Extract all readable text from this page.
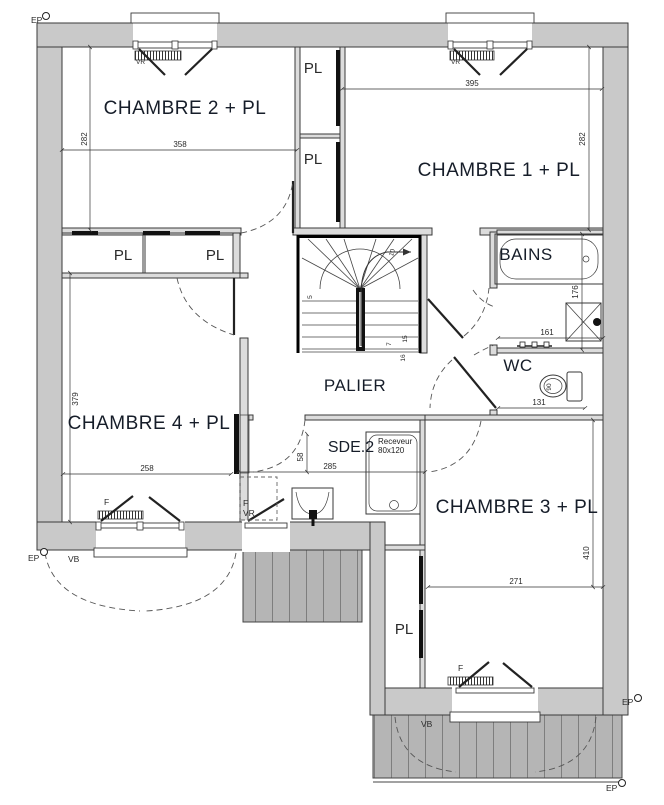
VR	VR
F
VB
F
VR
F
VB
5
10
7
15
16
90
Receveur
80x120
358
282
395
282
176
161
131
379
258	285
58
271
410
EP
EP
EP
EP
CHAMBRE 2 + PL
CHAMBRE 1 + PL
CHAMBRE 4 + PL
CHAMBRE 3 + PL
BAINS
WC
PALIER
SDE.2
PL
PL
PL	PL
PL
